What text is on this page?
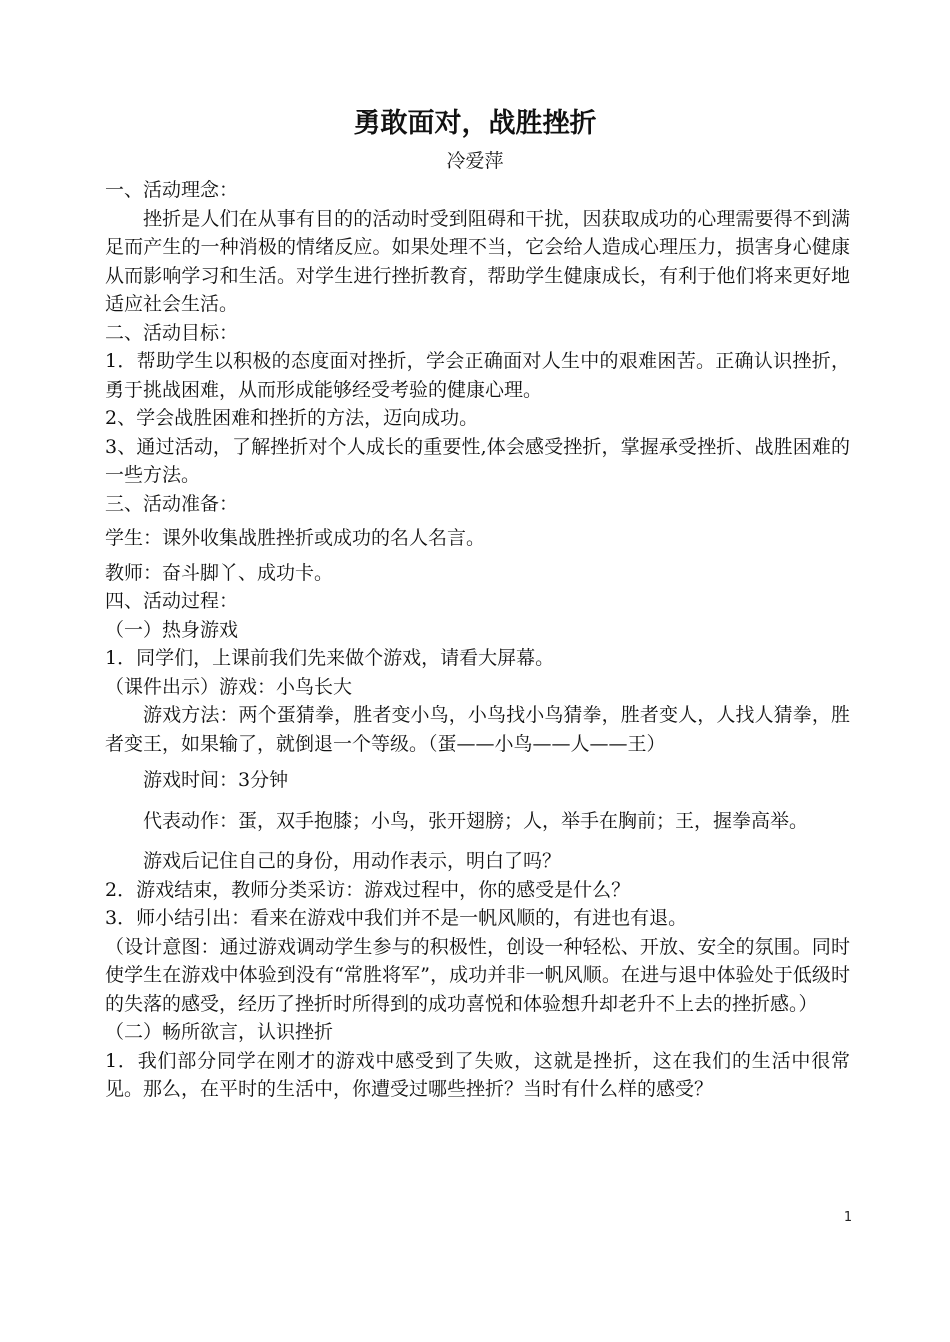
勇敢面对，战胜挫折
冷爱萍

一、活动理念：

挫折是人们在从事有目的的活动时受到阻碍和干扰，因获取成功的心理需要得不到满足而产生的一种消极的情绪反应。如果处理不当，它会给人造成心理压力，损害身心健康从而影响学习和生活。对学生进行挫折教育，帮助学生健康成长，有利于他们将来更好地适应社会生活。

二、活动目标：

1．帮助学生以积极的态度面对挫折，学会正确面对人生中的艰难困苦。正确认识挫折，勇于挑战困难，从而形成能够经受考验的健康心理。

2、学会战胜困难和挫折的方法，迈向成功。

3、通过活动，了解挫折对个人成长的重要性,体会感受挫折，掌握承受挫折、战胜困难的一些方法。

三、活动准备：

学生：课外收集战胜挫折或成功的名人名言。

教师：奋斗脚丫、成功卡。

四、活动过程：

（一）热身游戏

1．同学们，上课前我们先来做个游戏，请看大屏幕。

（课件出示）游戏：小鸟长大

游戏方法：两个蛋猜拳，胜者变小鸟，小鸟找小鸟猜拳，胜者变人，人找人猜拳，胜者变王，如果输了，就倒退一个等级。（蛋——小鸟——人——王）

游戏时间：3分钟

代表动作：蛋，双手抱膝；小鸟，张开翅膀；人，举手在胸前；王，握拳高举。

游戏后记住自己的身份，用动作表示，明白了吗？

2．游戏结束，教师分类采访：游戏过程中，你的感受是什么？

3．师小结引出：看来在游戏中我们并不是一帆风顺的，有进也有退。

（设计意图：通过游戏调动学生参与的积极性，创设一种轻松、开放、安全的氛围。同时使学生在游戏中体验到没有“常胜将军”，成功并非一帆风顺。在进与退中体验处于低级时的失落的感受，经历了挫折时所得到的成功喜悦和体验想升却老升不上去的挫折感。）

（二）畅所欲言，认识挫折

1．我们部分同学在刚才的游戏中感受到了失败，这就是挫折，这在我们的生活中很常见。那么，在平时的生活中，你遭受过哪些挫折？当时有什么样的感受？

1
